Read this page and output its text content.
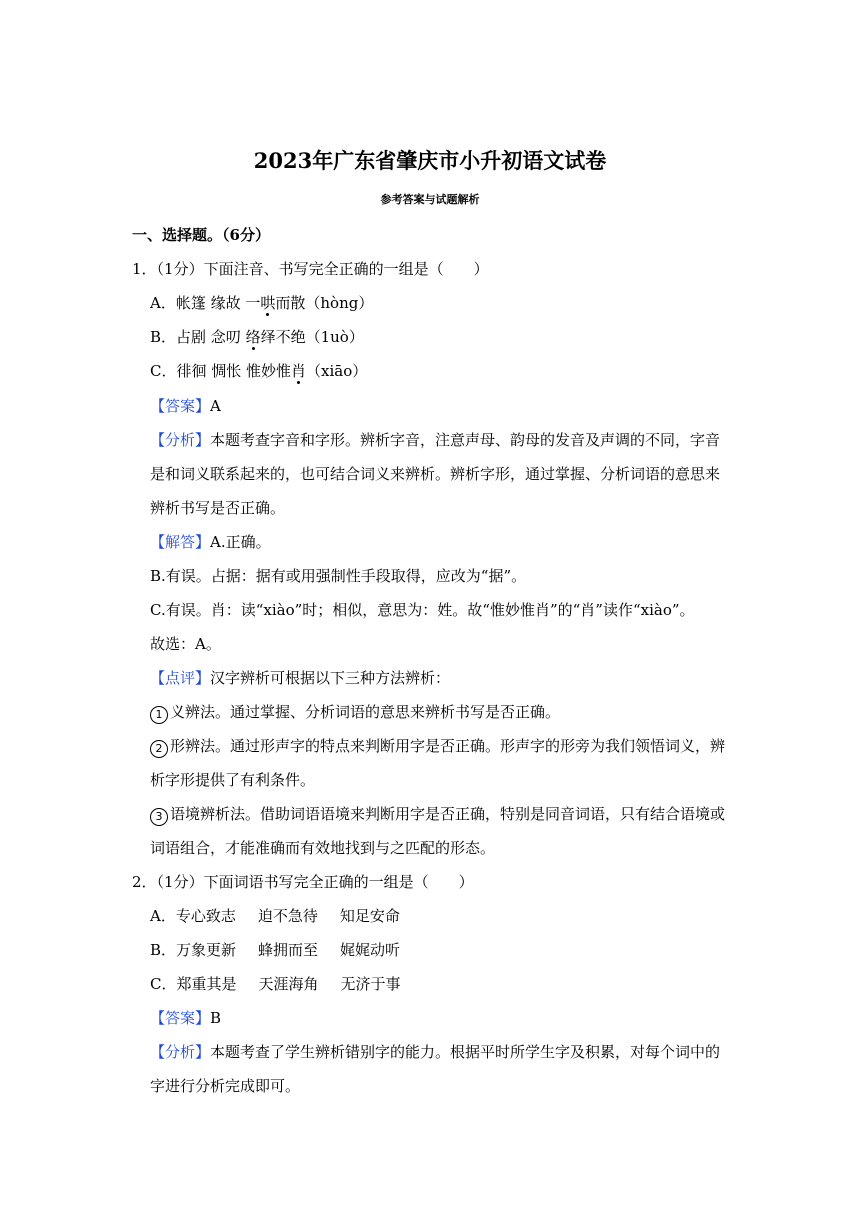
2023年广东省肇庆市小升初语文试卷
参考答案与试题解析
一、选择题。（6分）
1．（1分）下面注音、书写完全正确的一组是（　　）
A．帐篷 缘故 一哄而散（hòng）
B．占剧 念叨 络绎不绝（1uò）
C．徘徊 惆怅 惟妙惟肖（xiāo）
【答案】A
【分析】本题考查字音和字形。辨析字音，注意声母、韵母的发音及声调的不同，字音
是和词义联系起来的，也可结合词义来辨析。辨析字形，通过掌握、分析词语的意思来
辨析书写是否正确。
【解答】A.正确。
B.有误。占据：据有或用强制性手段取得，应改为“据”。
C.有误。肖：读“xiào”时；相似，意思为：姓。故“惟妙惟肖”的“肖”读作“xiào”。
故选：A。
【点评】汉字辨析可根据以下三种方法辨析：
1 义辨法。通过掌握、分析词语的意思来辨析书写是否正确。
2 形辨法。通过形声字的特点来判断用字是否正确。形声字的形旁为我们领悟词义，辨
析字形提供了有利条件。
3 语境辨析法。借助词语语境来判断用字是否正确，特别是同音词语，只有结合语境或
词语组合，才能准确而有效地找到与之匹配的形态。
2．（1分）下面词语书写完全正确的一组是（　　）
A．专心致志 迫不急待 知足安命
B．万象更新 蜂拥而至 娓娓动听
C．郑重其是 天涯海角 无济于事
【答案】B
【分析】本题考查了学生辨析错别字的能力。根据平时所学生字及积累，对每个词中的
字进行分析完成即可。
